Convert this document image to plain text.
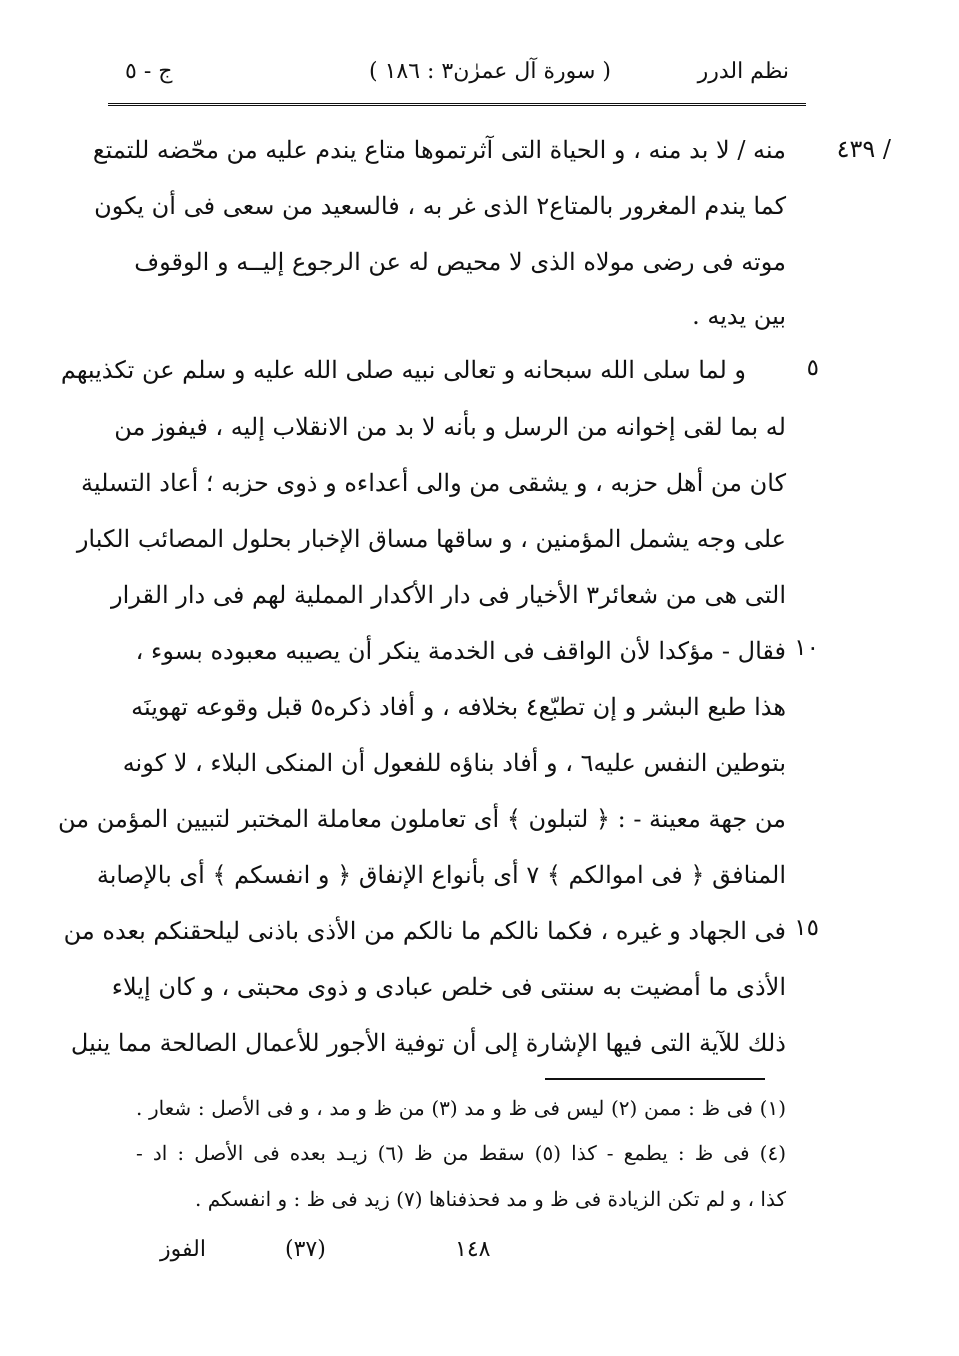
نظم الدرر
( سورة آل عمرٰن٣ : ١٨٦ )
ج - ٥
٤٣٩ /
٥
١٠
١٥
منه / لا بد منه ، و الحياة التى آثرتموها متاع يندم عليه من محّضه للتمتع
كما يندم المغرور بالمتاع٢ الذى غر به ، فالسعيد من سعى فى أن يكون
موته فى رضى مولاه الذى لا محيص له عن الرجوع إليــه و الوقوف
بين يديه .
و لما سلى الله سبحانه و تعالى نبيه صلى الله عليه و سلم عن تكذيبهم
له بما لقى إخوانه من الرسل و بأنه لا بد من الانقلاب إليه ، فيفوز من
كان من أهل حزبه ، و يشقى من والى أعداءه و ذوى حزبه ؛ أعاد التسلية
على وجه يشمل المؤمنين ، و ساقها مساق الإخبار بحلول المصائب الكبار
التى هى من شعائر٣ الأخيار فى دار الأكدار المملية لهم فى دار القرار
فقال - مؤكدا لأن الواقف فى الخدمة ينكر أن يصيبه معبوده بسوء ،
هذا طبع البشر و إن تطبّع٤ بخلافه ، و أفاد ذكره٥ قبل وقوعه تهوينَه
بتوطين النفس عليه٦ ، و أفاد بناؤه للفعول أن المنكى البلاء ، لا كونه
من جهة معينة - : ﴿ لتبلون ﴾ أى تعاملون معاملة المختبر لتبيين المؤمن من
المنافق ﴿ فى اموالكم ﴾ ٧ أى بأنواع الإنفاق ﴿ و انفسكم ﴾ أى بالإصابة
فى الجهاد و غيره ، فكما نالكم ما نالكم من الأذى باذنى ليلحقنكم بعده من
الأذى ما أمضيت به سنتى فى خلص عبادى و ذوى محبتى ، و كان إيلاء
ذلك للآية التى فيها الإشارة إلى أن توفية الأجور للأعمال الصالحة مما ينيل
(١) فى ظ : ممن (٢) ليس فى ظ و مد (٣) من ظ و مد ، و فى الأصل : شعار .
(٤) فى ظ : يطمع - كذا (٥) سقط من ظ (٦) زيـد بعده فى الأصل : اد -
كذا ، و لم تكن الزيادة فى ظ و مد فحذفناها (٧) زيد فى ظ : و انفسكم .
الفوز	(٣٧)	١٤٨
